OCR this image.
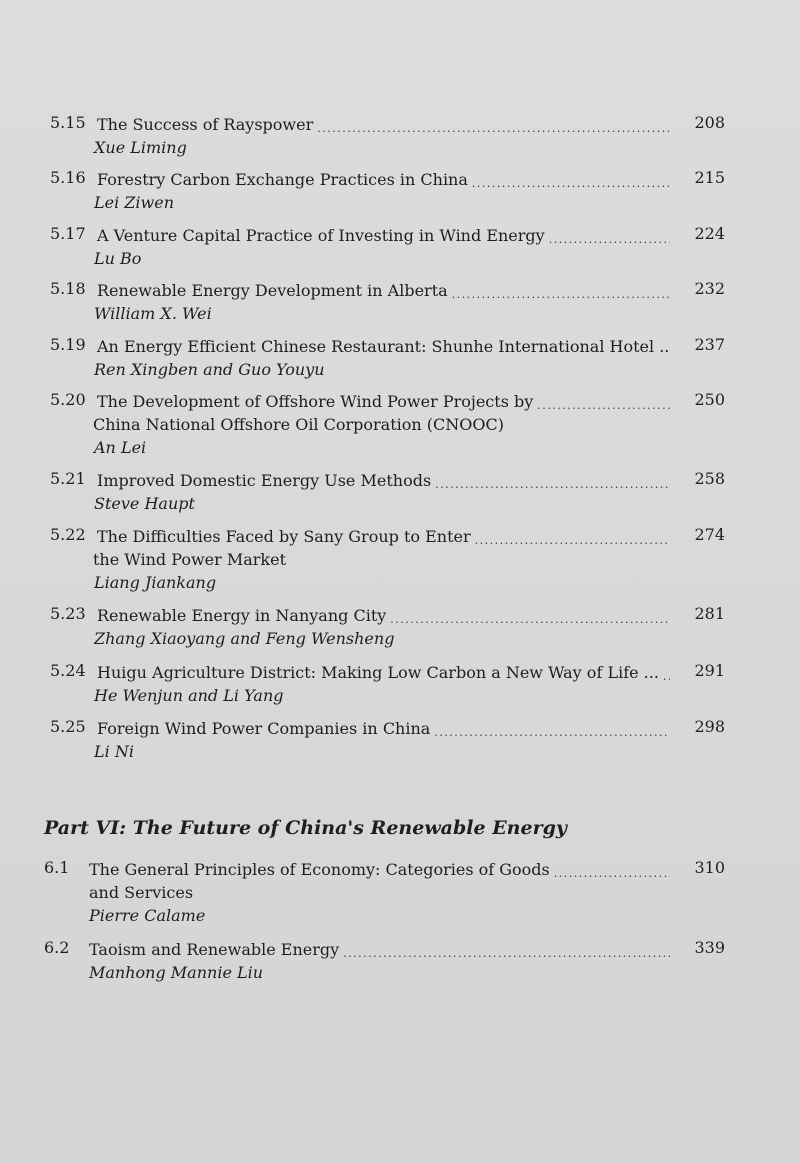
5.15 The Success of Rayspower . . .	208
Xue Liming
5.16 Forestry Carbon Exchange Practices in China . . .	215
Lei Ziwen
5.17 A Venture Capital Practice of Investing in Wind Energy . . .	224
Lu Bo
5.18 Renewable Energy Development in Alberta . . .	232
William X. Wei
5.19 An Energy Efficient Chinese Restaurant: Shunhe International Hotel .. 237
Ren Xingben and Guo Youyu
5.20 The Development of Offshore Wind Power Projects by . . .	250
China National Offshore Oil Corporation (CNOOC)
An Lei
5.21 Improved Domestic Energy Use Methods . . .	258
Steve Haupt
5.22 The Difficulties Faced by Sany Group to Enter . . .	274
the Wind Power Market
Liang Jiankang
5.23 Renewable Energy in Nanyang City . . .	281
Zhang Xiaoyang and Feng Wensheng
5.24 Huigu Agriculture District: Making Low Carbon a New Way of Life ... . . . 291
He Wenjun and Li Yang
5.25 Foreign Wind Power Companies in China . . .	298
Li Ni
Part VI: The Future of China's Renewable Energy
6.1 The General Principles of Economy: Categories of Goods . . .	310
and Services
Pierre Calame
6.2 Taoism and Renewable Energy . . .	339
Manhong Mannie Liu
